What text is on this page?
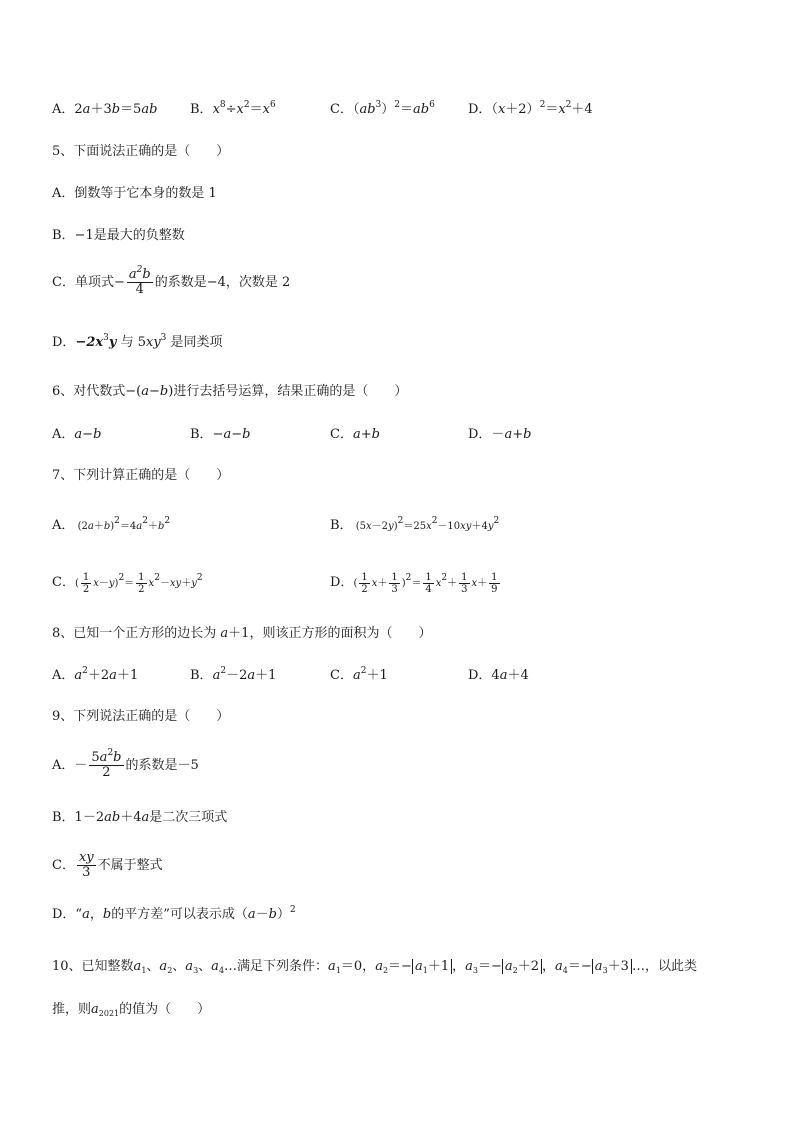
A．2a＋3b＝5ab	B．$x^8\div x^2=x^6$	C．$(ab^3)^2=ab^6$	D．$(x+2)^2=x^2+4$
5、下面说法正确的是（　　）
A．倒数等于它本身的数是 1
B．−1是最大的负整数
C．单项式− $\frac{a^2b}{4}$ 的系数是−4，次数是 2
D．$-2x^3y$ 与 $5xy^3$ 是同类项
6、对代数式−(a−b)进行去括号运算，结果正确的是（　　）
A．a−b	B．−a−b	C．a+b	D．－a+b
7、下列计算正确的是（　　）
A． $(2a+b)^2=4a^2+b^2$	B． $(5x-2y)^2=25x^2-10xy+4y^2$
C．( $\frac{1}{2} x-y)^2= \frac{1}{2} x^2-xy+y^2$	D．( $\frac{1}{2} x+ \frac{1}{3} )^2= \frac{1}{4} x^2+ \frac{1}{3} x+ \frac{1}{9}$
8、已知一个正方形的边长为 a＋1，则该正方形的面积为（　　）
A．$a^2+2a+1$	B．$a^2-2a+1$	C．$a^2+1$	D．4a＋4
9、下列说法正确的是（　　）
A．－ $\frac{5a^2b}{2}$ 的系数是－5
B．1－2ab＋4a是二次三项式
C． $\frac{xy}{3}$ 不属于整式
D．“a，b的平方差”可以表示成$(a-b)^2$
10、已知整数$a_1$、$a_2$、$a_3$、$a_4\dots$满足下列条件：$a_1=0$，$a_2=- a_1+1$ ，$a_3=- a_2+2$ ，$a_4=- a_3+3$ …，以此类
推，则$a_{2021}$的值为（　　）
